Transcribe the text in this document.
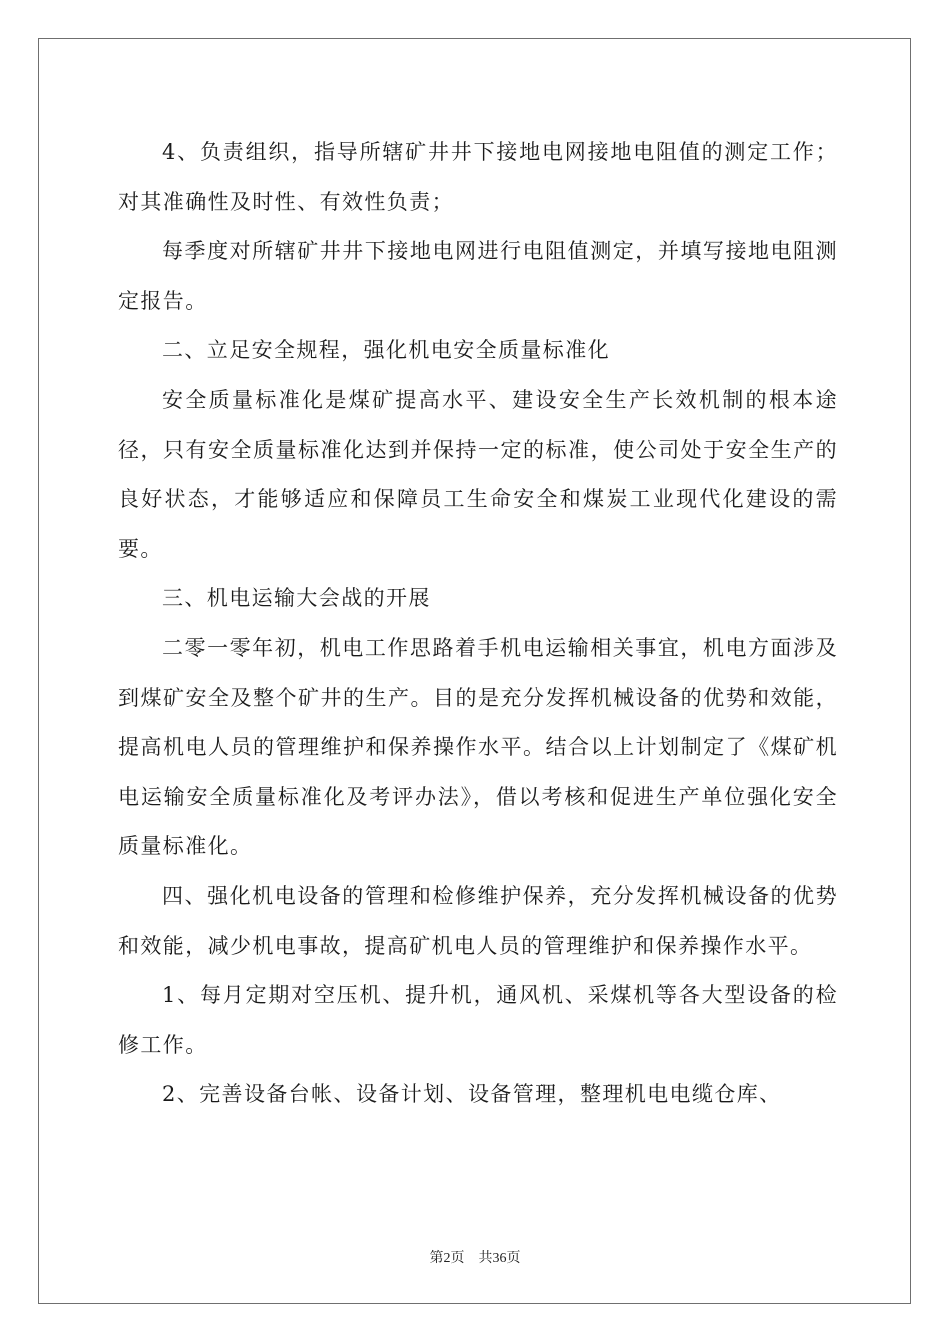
4、负责组织，指导所辖矿井井下接地电网接地电阻值的测定工作；对其准确性及时性、有效性负责；

每季度对所辖矿井井下接地电网进行电阻值测定，并填写接地电阻测定报告。

二、立足安全规程，强化机电安全质量标准化

安全质量标准化是煤矿提高水平、建设安全生产长效机制的根本途径，只有安全质量标准化达到并保持一定的标准，使公司处于安全生产的良好状态，才能够适应和保障员工生命安全和煤炭工业现代化建设的需要。

三、机电运输大会战的开展

二零一零年初，机电工作思路着手机电运输相关事宜，机电方面涉及到煤矿安全及整个矿井的生产。目的是充分发挥机械设备的优势和效能，提高机电人员的管理维护和保养操作水平。结合以上计划制定了《煤矿机电运输安全质量标准化及考评办法》，借以考核和促进生产单位强化安全质量标准化。

四、强化机电设备的管理和检修维护保养，充分发挥机械设备的优势和效能，减少机电事故，提高矿机电人员的管理维护和保养操作水平。

1、每月定期对空压机、提升机，通风机、采煤机等各大型设备的检修工作。

2、完善设备台帐、设备计划、设备管理，整理机电电缆仓库、

第2页 共36页
